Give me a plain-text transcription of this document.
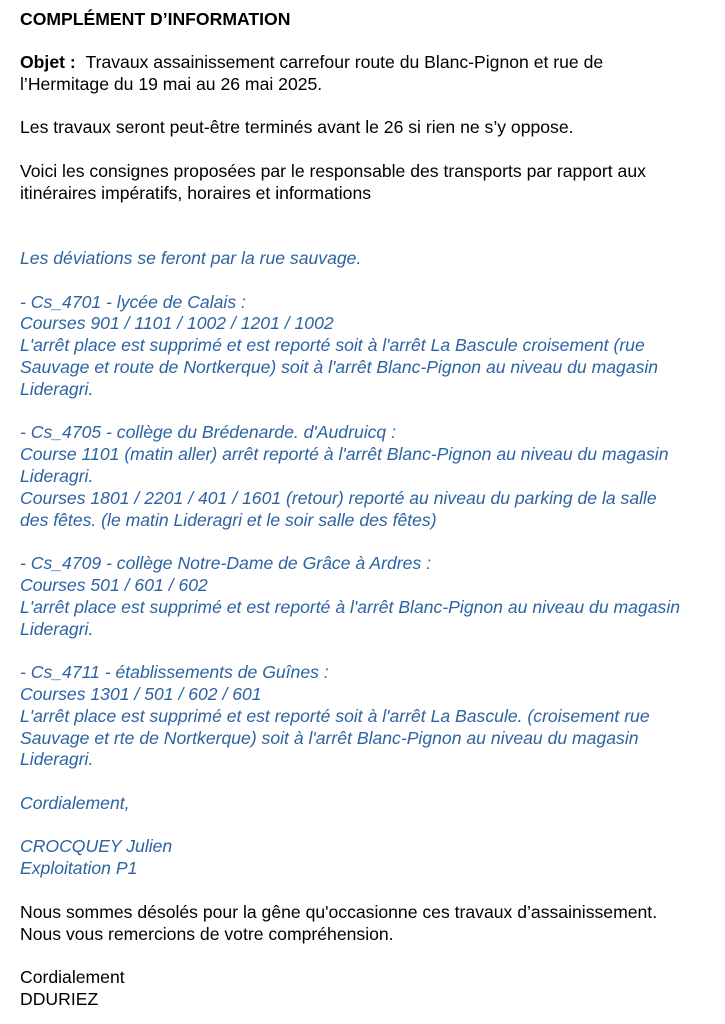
COMPLÉMENT D’INFORMATION

Objet : Travaux assainissement carrefour route du Blanc-Pignon et rue de

l’Hermitage du 19 mai au 26 mai 2025.

Les travaux seront peut-être terminés avant le 26 si rien ne s’y oppose.

Voici les consignes proposées par le responsable des transports par rapport aux

itinéraires impératifs, horaires et informations

Les déviations se feront par la rue sauvage.

- Cs_4701 - lycée de Calais :

Courses 901 / 1101 / 1002 / 1201 / 1002

L'arrêt place est supprimé et est reporté soit à l'arrêt La Bascule croisement (rue

Sauvage et route de Nortkerque) soit à l'arrêt Blanc-Pignon au niveau du magasin

Lideragri.

- Cs_4705 - collège du Brédenarde. d'Audruicq :

Course 1101 (matin aller) arrêt reporté à l'arrêt Blanc-Pignon au niveau du magasin

Lideragri.

Courses 1801 / 2201 / 401 / 1601 (retour) reporté au niveau du parking de la salle

des fêtes. (le matin Lideragri et le soir salle des fêtes)

- Cs_4709 - collège Notre-Dame de Grâce à Ardres :

Courses 501 / 601 / 602

L'arrêt place est supprimé et est reporté à l'arrêt Blanc-Pignon au niveau du magasin

Lideragri.

- Cs_4711 - établissements de Guînes :

Courses 1301 / 501 / 602 / 601

L'arrêt place est supprimé et est reporté soit à l'arrêt La Bascule. (croisement rue

Sauvage et rte de Nortkerque) soit à l'arrêt Blanc-Pignon au niveau du magasin

Lideragri.

Cordialement,

CROCQUEY Julien

Exploitation P1

Nous sommes désolés pour la gêne qu'occasionne ces travaux d’assainissement.

Nous vous remercions de votre compréhension.

Cordialement

DDURIEZ
